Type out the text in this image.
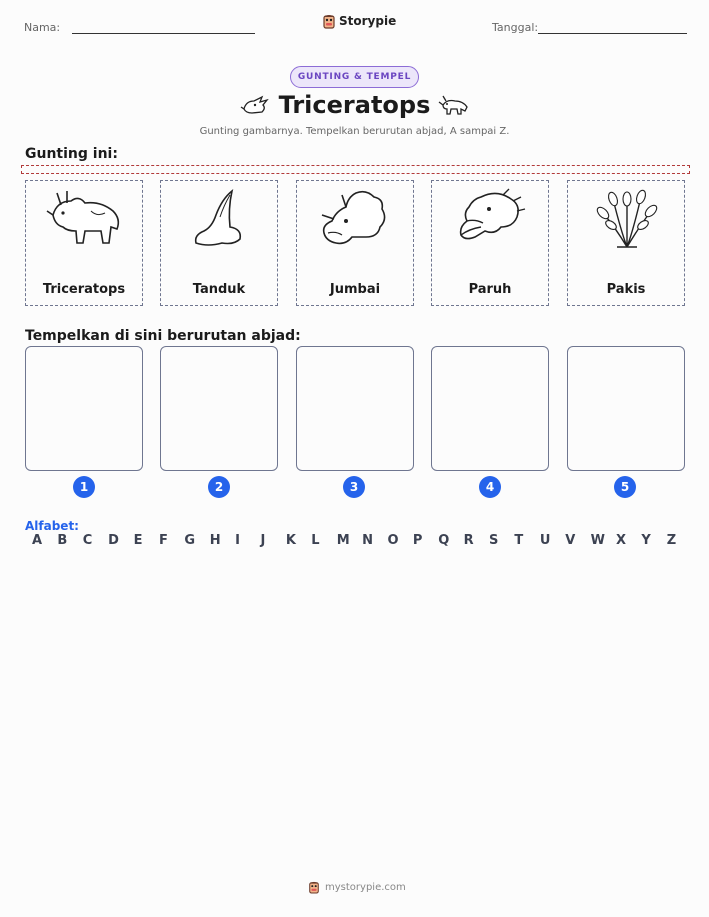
Nama:	Storypie	Tanggal:
GUNTING & TEMPEL
Triceratops
Gunting gambarnya. Tempelkan berurutan abjad, A sampai Z.
Gunting ini:
Triceratops	Tanduk	Jumbai	Paruh	Pakis
Tempelkan di sini berurutan abjad:
1	2	3	4	5
Alfabet:
A	B	C	D	E	F	G	H	I	J	K	L	M N	O	P	Q	R	S	T	U	V	W X	Y	Z
mystorypie.com
